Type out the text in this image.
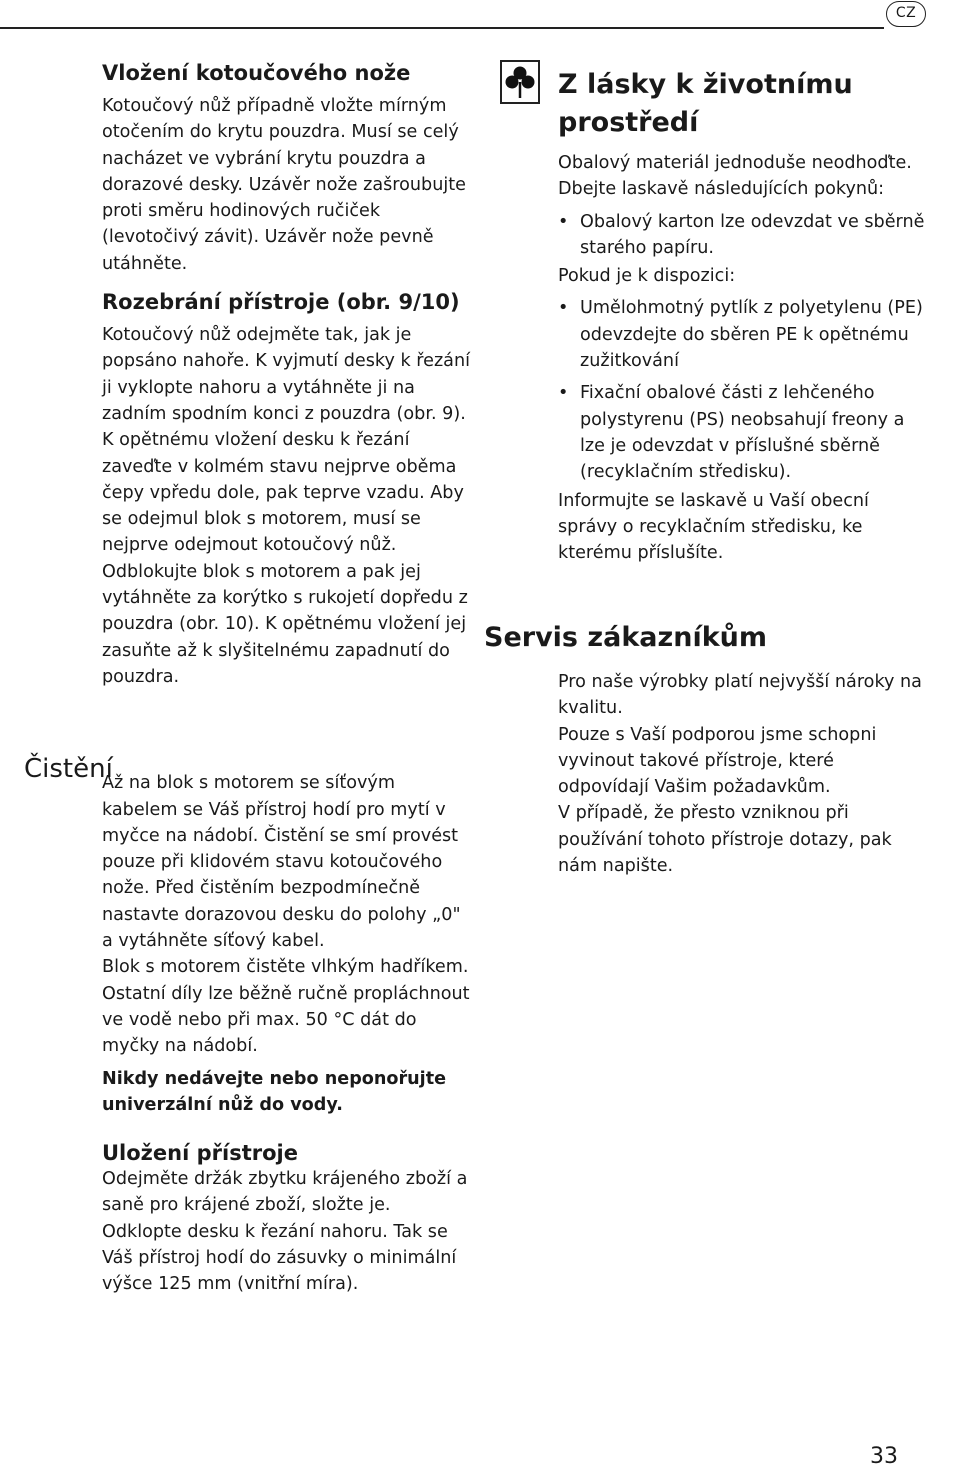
CZ
Vložení kotoučového nože

Kotoučový nůž případně vložte mírným otočením do krytu pouzdra. Musí se celý nacházet ve vybrání krytu pouzdra a dorazové desky. Uzávěr nože zašroubujte proti směru hodinových ručiček (levotočivý závit). Uzávěr nože pevně utáhněte.

Rozebrání přístroje (obr. 9/10)

Kotoučový nůž odejměte tak, jak je popsáno nahoře. K vyjmutí desky k řezání ji vyklopte nahoru a vytáhněte ji na zadním spodním konci z pouzdra (obr. 9). K opětnému vložení desku k řezání zaveďte v kolmém stavu nejprve oběma čepy vpředu dole, pak teprve vzadu. Aby se odejmul blok s motorem, musí se nejprve odejmout kotoučový nůž. Odblokujte blok s motorem a pak jej vytáhněte za korýtko s rukojetí dopředu z pouzdra (obr. 10). K opětnému vložení jej zasuňte až k slyšitelnému zapadnutí do pouzdra.

Až na blok s motorem se síťovým kabelem se Váš přístroj hodí pro mytí v myčce na nádobí. Čistění se smí provést pouze při klidovém stavu kotoučového nože. Před čistěním bezpodmínečně nastavte dorazovou desku do polohy „0" a vytáhněte síťový kabel.

Blok s motorem čistěte vlhkým hadříkem. Ostatní díly lze běžně ručně propláchnout ve vodě nebo při max. 50 °C dát do myčky na nádobí.

Nikdy nedávejte nebo neponořujte univerzální nůž do vody.

Uložení přístroje

Odejměte držák zbytku krájeného zboží a saně pro krájené zboží, složte je. Odklopte desku k řezání nahoru. Tak se Váš přístroj hodí do zásuvky o minimální výšce 125 mm (vnitřní míra).

Čistění
Z lásky k životnímu prostředí

Obalový materiál jednoduše neodhoďte. Dbejte laskavě následujících pokynů:

• Obalový karton lze odevzdat ve sběrně starého papíru.

Pokud je k dispozici:

• Umělohmotný pytlík z polyetylenu (PE) odevzdejte do sběren PE k opětnému zužitkování
• Fixační obalové části z lehčeného polystyrenu (PS) neobsahují freony a lze je odevzdat v příslušné sběrně (recyklačním středisku).

Informujte se laskavě u Vaší obecní správy o recyklačním středisku, ke kterému příslušíte.

Servis zákazníkům

Pro naše výrobky platí nejvyšší nároky na kvalitu.

Pouze s Vaší podporou jsme schopni vyvinout takové přístroje, které odpovídají Vašim požadavkům.

V případě, že přesto vzniknou při používání tohoto přístroje dotazy, pak nám napište.

33
